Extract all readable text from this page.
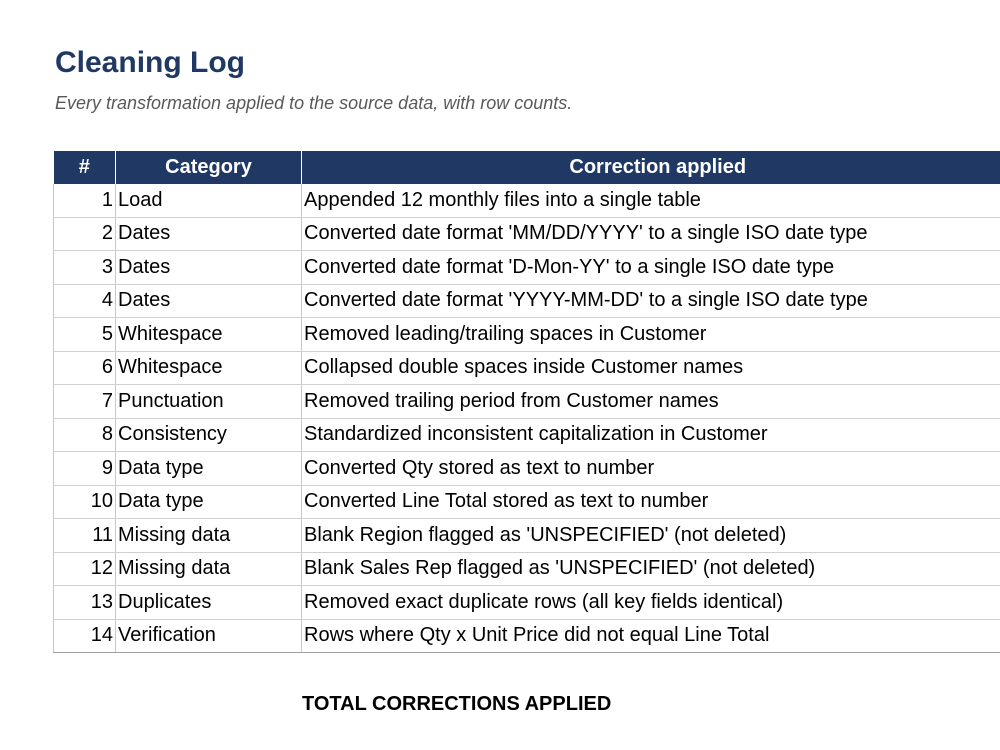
Cleaning Log
Every transformation applied to the source data, with row counts.
#	Category	Correction applied
1	Load	Appended 12 monthly files into a single table
2	Dates	Converted date format 'MM/DD/YYYY' to a single ISO date type
3	Dates	Converted date format 'D-Mon-YY' to a single ISO date type
4	Dates	Converted date format 'YYYY-MM-DD' to a single ISO date type
5	Whitespace	Removed leading/trailing spaces in Customer
6	Whitespace	Collapsed double spaces inside Customer names
7	Punctuation	Removed trailing period from Customer names
8	Consistency	Standardized inconsistent capitalization in Customer
9	Data type	Converted Qty stored as text to number
10	Data type	Converted Line Total stored as text to number
11	Missing data	Blank Region flagged as 'UNSPECIFIED' (not deleted)
12	Missing data	Blank Sales Rep flagged as 'UNSPECIFIED' (not deleted)
13	Duplicates	Removed exact duplicate rows (all key fields identical)
14	Verification	Rows where Qty x Unit Price did not equal Line Total
TOTAL CORRECTIONS APPLIED
